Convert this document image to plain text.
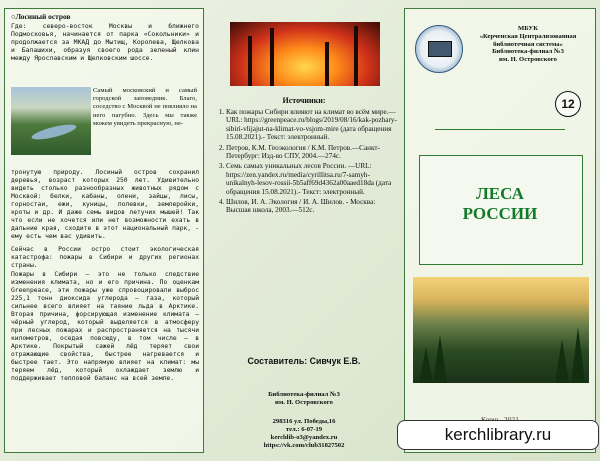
○Лосиный остров
Где: северо-восток Москвы и ближнего Подмосковья, начинается от парка «Сокольники» и продолжается за МКАД до Мытищ, Королева, Щелкова и Балашихи, образуя своего рода зеленый клин между Ярославским и Щелковским шоссе.
Самый московский и самый городской заповедник. Благо, соседство с Москвой не повлияло на него пагубно. Здесь мы также можем увидеть прекрасную, не-
тронутую природу. Лосиный остров сохранил деревья, возраст которых 250 лет. Удивительно видеть столько разнообразных животных рядом с Москвой: белки, кабаны, олени, зайцы, лисы, горностаи, ежи, куницы, полевки, землеройки, кроты и др. И даже семь видов летучих мышей! Так что если не хочется или нет возможности ехать в дальние края, сходите в этот национальный парк, - ему есть чем вас удивить.
Сейчас в России остро стоит экологическая катастрофа: пожары в Сибири и других регионах страны.
Пожары в Сибири — это не только следствие изменения климата, но и его причина. По оценкам Greenpeace, эти пожары уже спровоцировали выброс 225,1 тонн диоксида углерода — газа, который сильнее всего влияет на таяние льда в Арктике. Вторая причина, форсирующая изменение климата — чёрный углерод, который выделяется в атмосферу при лесных пожарах и распространяется на тысячи километров, оседая повсюду, в том числе — в Арктике. Покрытый сажей лёд теряет свои отражающие свойства, быстрее нагревается и быстрее тает. Это напрямую влияет на климат: мы теряем лёд, который охлаждает землю и поддерживает тепловой баланс на всей земле.
Источники:
1. Как пожары Сибири влияют на климат во всём мире.—URL: https://greenpeace.ru/blogs/2019/08/16/kak-pozhary-sibiri-vlijajut-na-klimat-vo-vsjom-mire (дата обращения 15.08.2021).- Текст: электронный.
2. Петров, К.М. Геоэкология / К.М. Петров.—Санкт-Петербург: Изд-во СПУ, 2004.—274с.
3. Семь самых уникальных лесов России. —URL: https://zen.yandex.ru/media/cyrillitsa.ru/7-samyh-unikalnyh-lesov-rossii-5b5aff69d4362a00aaed18da (дата обращения 15.08.2021).- Текст: электронный.
4. Шилов, И. А. Экология / И. А. Шилов. - Москва: Высшая школа, 2003.—512с.
Составитель: Сивчук Е.В.
Библиотека-филиал №3
им. Н. Островского
298316 ул. Победы,16
тел.: 6-07-19
kerchlib-o3@yandex.ru
https://vk.com/club31827502
МБУК
«Керченская Централизованная
библиотечная система»
Библиотека-филиал №3
им. Н. Островского
12
ЛЕСА
РОССИИ
kerchlibrary.ru
